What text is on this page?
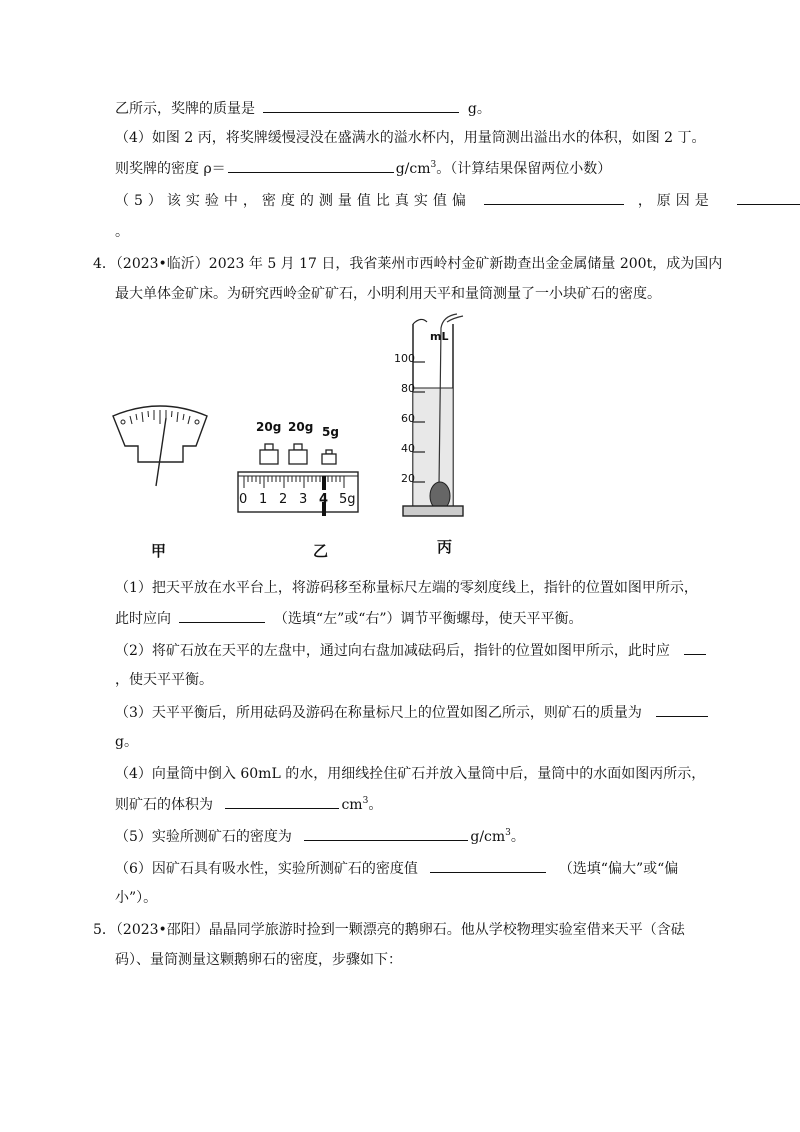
乙所示，奖牌的质量是	g。
（4）如图 2 丙，将奖牌缓慢浸没在盛满水的溢水杯内，用量筒测出溢出水的体积，如图 2 丁。
则奖牌的密度 ρ＝	$g/cm^3$。（计算结果保留两位小数）
（5）该实验中，密度的测量值比真实值偏	，原因是
。
4．（2023•临沂）2023 年 5 月 17 日，我省莱州市西岭村金矿新勘查出金金属储量 200t，成为国内
最大单体金矿床。为研究西岭金矿矿石，小明利用天平和量筒测量了一小块矿石的密度。
20g 20g 5g
0 1 2 3 4 5g
mL
100
80
60
40
20
甲	乙	丙
（1）把天平放在水平台上，将游码移至称量标尺左端的零刻度线上，指针的位置如图甲所示，
此时应向	（选填“左”或“右”）调节平衡螺母，使天平平衡。
（2）将矿石放在天平的左盘中，通过向右盘加减砝码后，指针的位置如图甲所示，此时应
，使天平平衡。
（3）天平平衡后，所用砝码及游码在称量标尺上的位置如图乙所示，则矿石的质量为
g。
（4）向量筒中倒入 60mL 的水，用细线拴住矿石并放入量筒中后，量筒中的水面如图丙所示，
则矿石的体积为	$cm^3$。
（5）实验所测矿石的密度为	$g/cm^3$。
（6）因矿石具有吸水性，实验所测矿石的密度值	（选填“偏大”或“偏
小”）。
5．（2023•邵阳）晶晶同学旅游时捡到一颗漂亮的鹅卵石。他从学校物理实验室借来天平（含砝
码）、量筒测量这颗鹅卵石的密度，步骤如下：
